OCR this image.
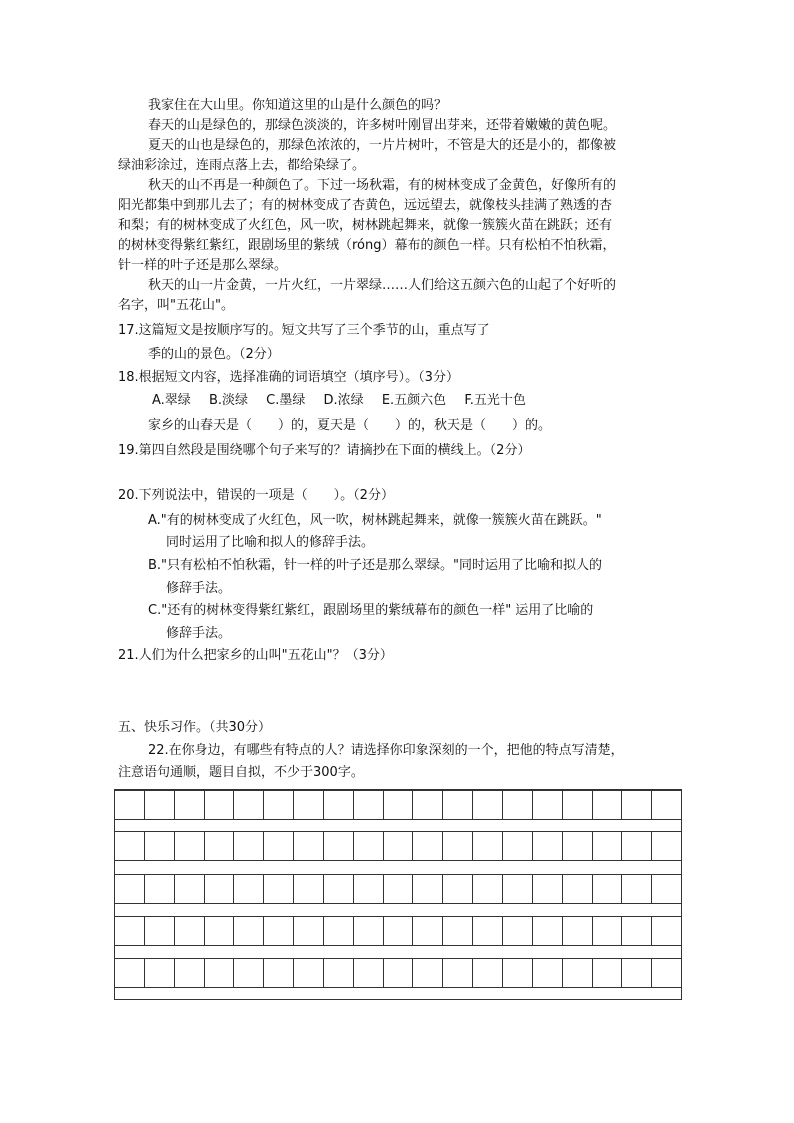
我家住在大山里。你知道这里的山是什么颜色的吗？
春天的山是绿色的，那绿色淡淡的，许多树叶刚冒出芽来，还带着嫩嫩的黄色呢。
夏天的山也是绿色的，那绿色浓浓的，一片片树叶，不管是大的还是小的，都像被
绿油彩涂过，连雨点落上去，都给染绿了。
秋天的山不再是一种颜色了。下过一场秋霜，有的树林变成了金黄色，好像所有的
阳光都集中到那儿去了；有的树林变成了杏黄色，远远望去，就像枝头挂满了熟透的杏
和梨；有的树林变成了火红色，风一吹，树林跳起舞来，就像一簇簇火苗在跳跃；还有
的树林变得紫红紫红，跟剧场里的紫绒（róng）幕布的颜色一样。只有松柏不怕秋霜，
针一样的叶子还是那么翠绿。
秋天的山一片金黄，一片火红，一片翠绿……人们给这五颜六色的山起了个好听的
名字，叫"五花山"。
17.这篇短文是按顺序写的。短文共写了三个季节的山，重点写了
季的山的景色。（2分）
18.根据短文内容，选择准确的词语填空（填序号）。（3分）
A.翠绿 B.淡绿 C.墨绿 D.浓绿 E.五颜六色 F.五光十色
家乡的山春天是（　　）的，夏天是（　　）的，秋天是（　　）的。
19.第四自然段是围绕哪个句子来写的？请摘抄在下面的横线上。（2分）
20.下列说法中，错误的一项是（　　）。（2分）
A."有的树林变成了火红色，风一吹，树林跳起舞来，就像一簇簇火苗在跳跃。"
同时运用了比喻和拟人的修辞手法。
B."只有松柏不怕秋霜，针一样的叶子还是那么翠绿。"同时运用了比喻和拟人的
修辞手法。
C."还有的树林变得紫红紫红，跟剧场里的紫绒幕布的颜色一样" 运用了比喻的
修辞手法。
21.人们为什么把家乡的山叫"五花山"？（3分）
五、快乐习作。（共30分）
22.在你身边，有哪些有特点的人？请选择你印象深刻的一个，把他的特点写清楚，
注意语句通顺，题目自拟，不少于300字。
